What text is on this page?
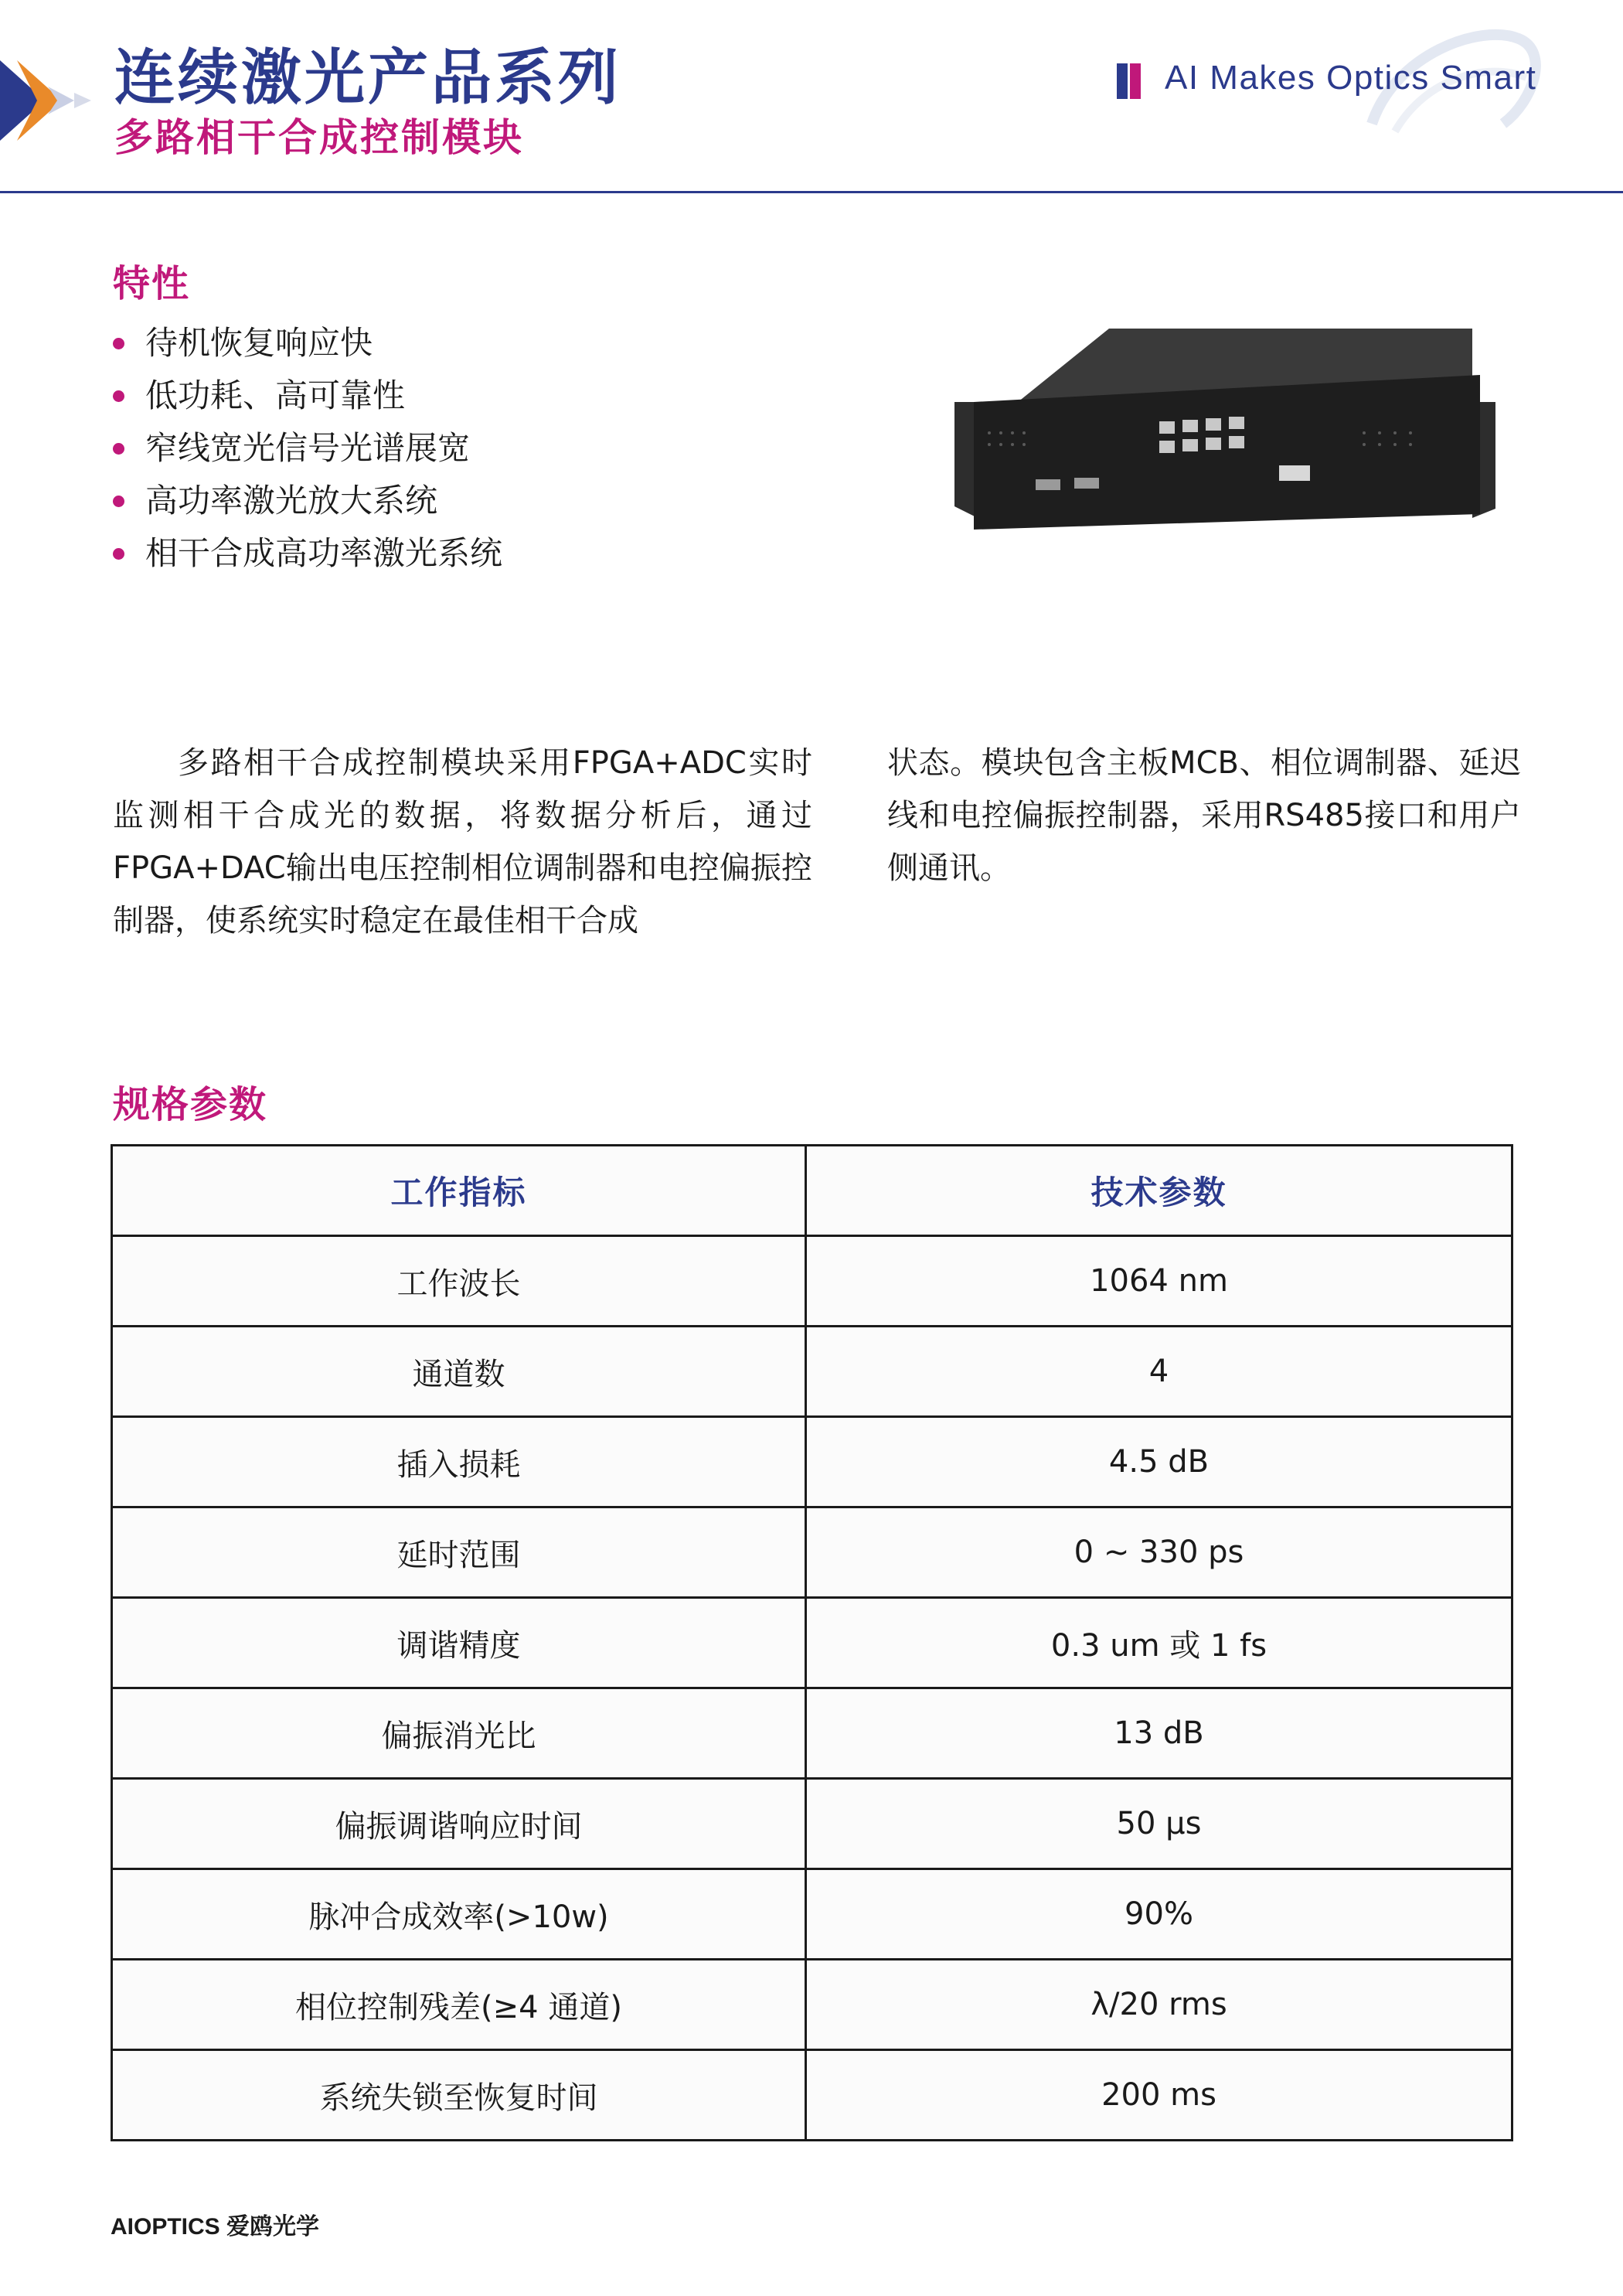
连续激光产品系列
多路相干合成控制模块
AI Makes Optics Smart
特性
待机恢复响应快
低功耗、高可靠性
窄线宽光信号光谱展宽
高功率激光放大系统
相干合成高功率激光系统

多路相干合成控制模块采用FPGA+ADC实时监测相干合成光的数据，将数据分析后，通过FPGA+DAC输出电压控制相位调制器和电控偏振控制器，使系统实时稳定在最佳相干合成

状态。模块包含主板MCB、相位调制器、延迟线和电控偏振控制器，采用RS485接口和用户侧通讯。

规格参数
工作指标	技术参数
工作波长	1064 nm
通道数	4
插入损耗	4.5 dB
延时范围	0 ~ 330 ps
调谐精度	0.3 um 或 1 fs
偏振消光比	13 dB
偏振调谐响应时间	50 μs
脉冲合成效率(>10w)	90%
相位控制残差(≥4 通道)	λ/20 rms
系统失锁至恢复时间	200 ms
AIOPTICS 爱鸥光学
